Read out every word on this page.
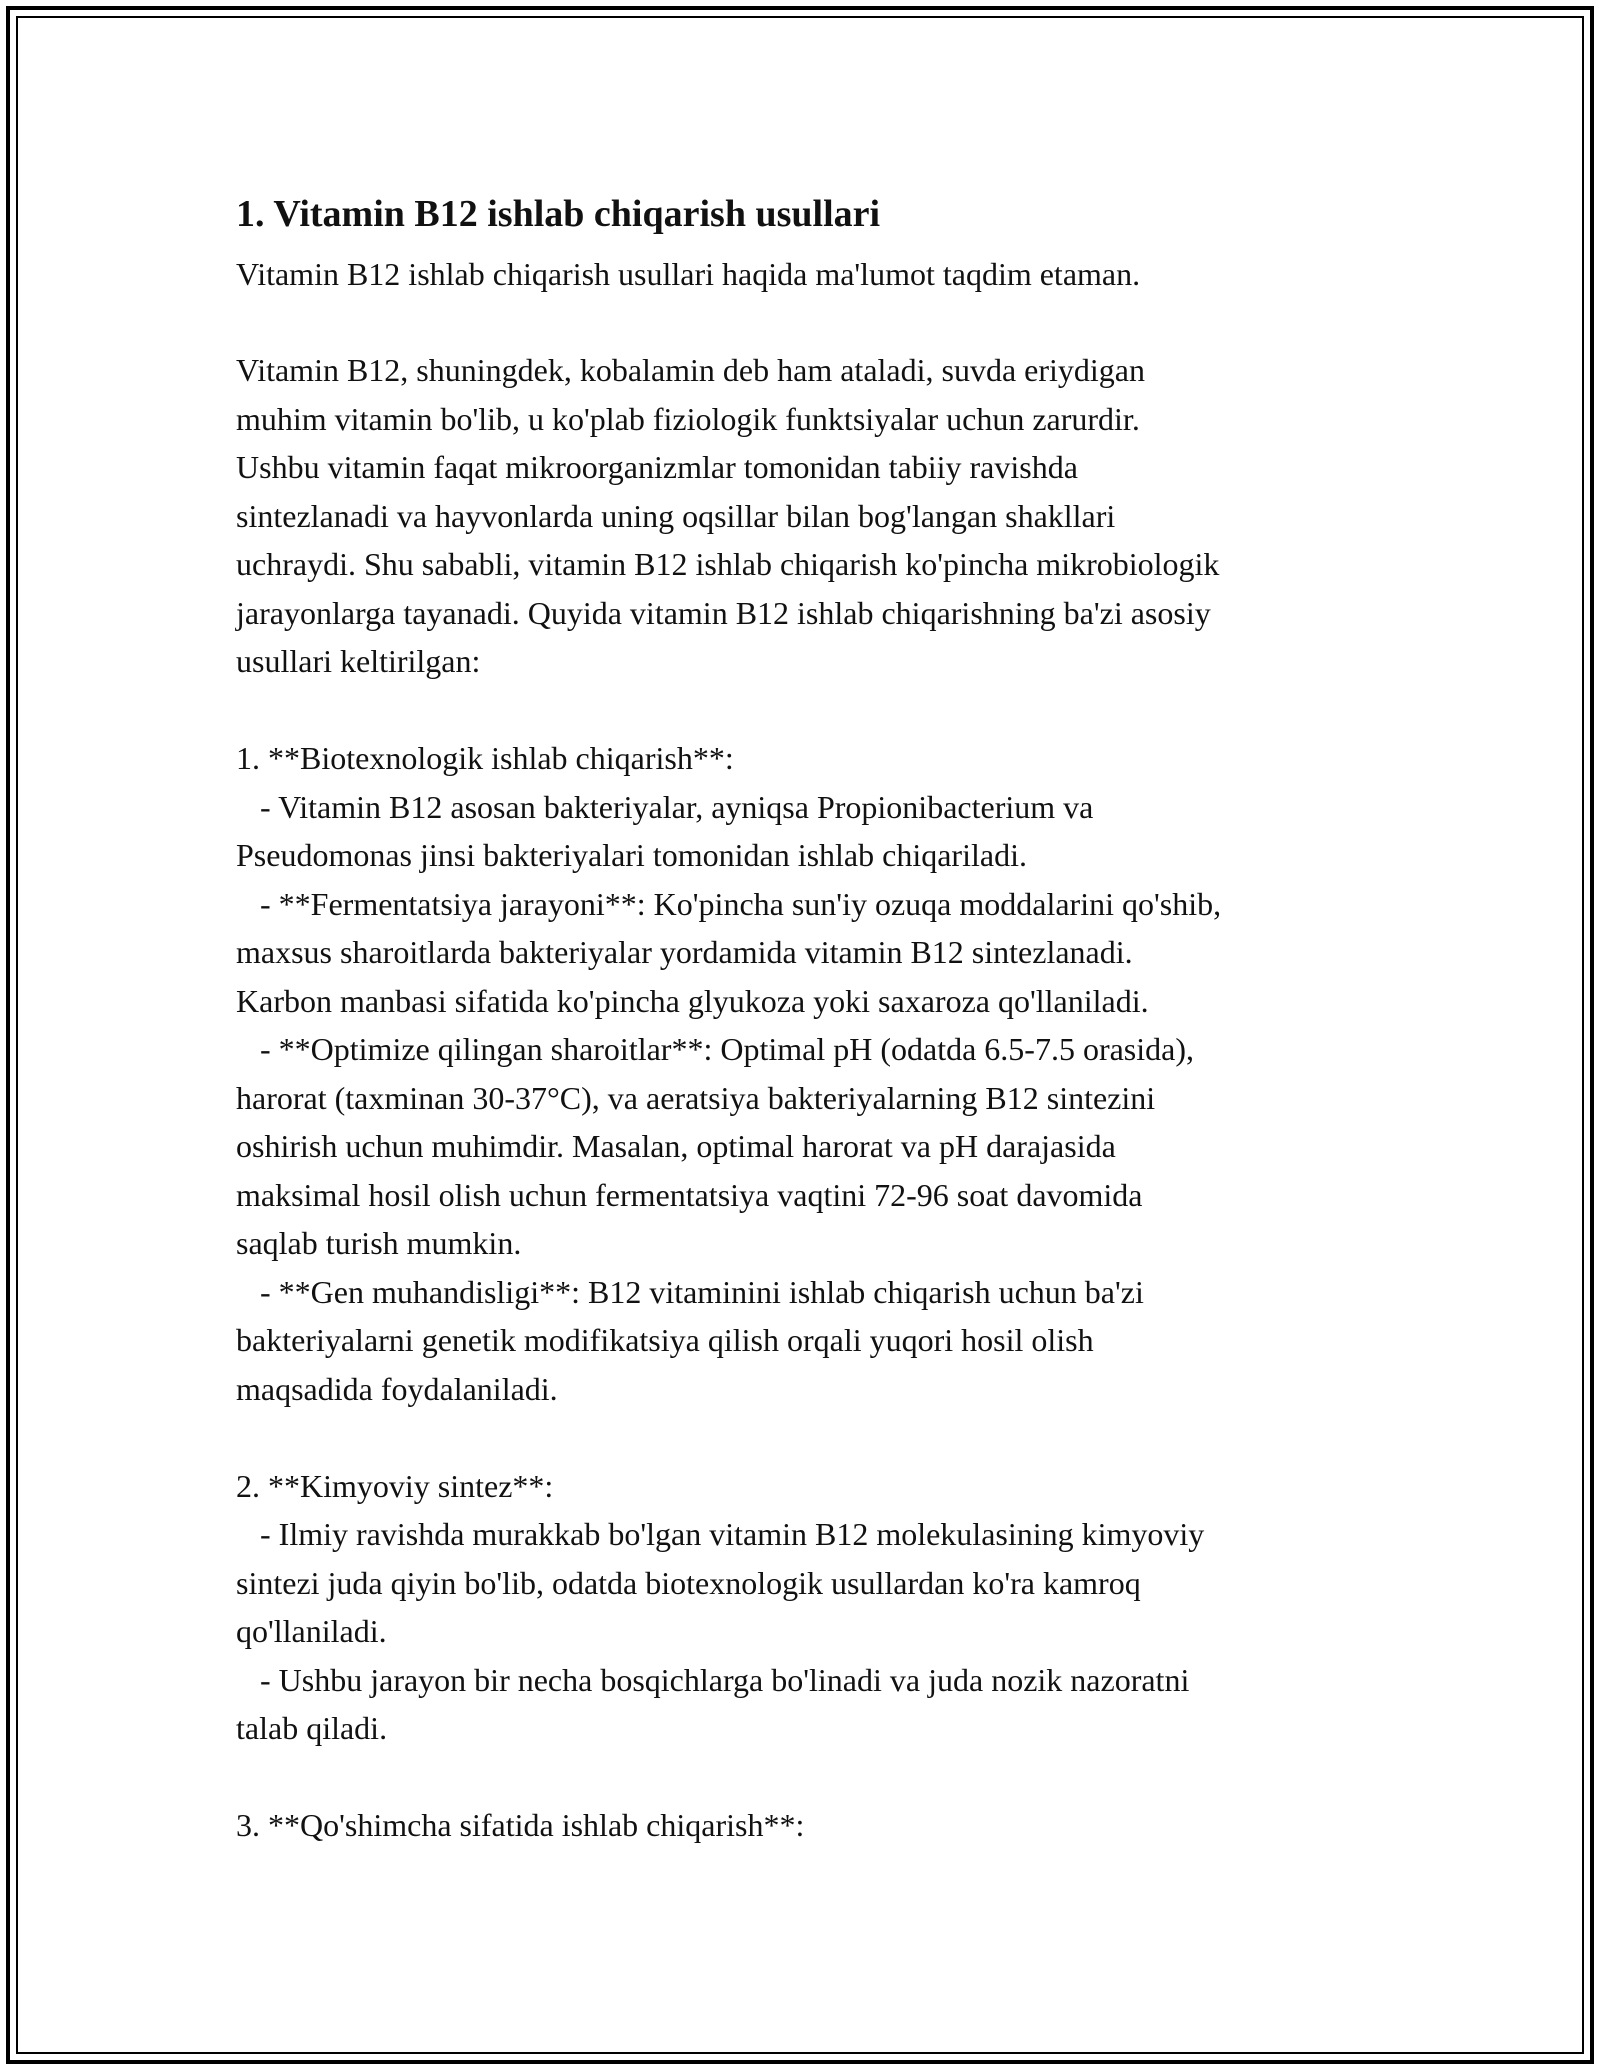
1. Vitamin B12 ishlab chiqarish usullari
Vitamin B12 ishlab chiqarish usullari haqida ma'lumot taqdim etaman.
Vitamin B12, shuningdek, kobalamin deb ham ataladi, suvda eriydigan
muhim vitamin bo'lib, u ko'plab fiziologik funktsiyalar uchun zarurdir.
Ushbu vitamin faqat mikroorganizmlar tomonidan tabiiy ravishda
sintezlanadi va hayvonlarda uning oqsillar bilan bog'langan shakllari
uchraydi. Shu sababli, vitamin B12 ishlab chiqarish ko'pincha mikrobiologik
jarayonlarga tayanadi. Quyida vitamin B12 ishlab chiqarishning ba'zi asosiy
usullari keltirilgan:

1. **Biotexnologik ishlab chiqarish**:
- Vitamin B12 asosan bakteriyalar, ayniqsa Propionibacterium va
Pseudomonas jinsi bakteriyalari tomonidan ishlab chiqariladi.
- **Fermentatsiya jarayoni**: Ko'pincha sun'iy ozuqa moddalarini qo'shib,
maxsus sharoitlarda bakteriyalar yordamida vitamin B12 sintezlanadi.
Karbon manbasi sifatida ko'pincha glyukoza yoki saxaroza qo'llaniladi.
- **Optimize qilingan sharoitlar**: Optimal pH (odatda 6.5-7.5 orasida),
harorat (taxminan 30-37°C), va aeratsiya bakteriyalarning B12 sintezini
oshirish uchun muhimdir. Masalan, optimal harorat va pH darajasida
maksimal hosil olish uchun fermentatsiya vaqtini 72-96 soat davomida
saqlab turish mumkin.
- **Gen muhandisligi**: B12 vitaminini ishlab chiqarish uchun ba'zi
bakteriyalarni genetik modifikatsiya qilish orqali yuqori hosil olish
maqsadida foydalaniladi.

2. **Kimyoviy sintez**:
- Ilmiy ravishda murakkab bo'lgan vitamin B12 molekulasining kimyoviy
sintezi juda qiyin bo'lib, odatda biotexnologik usullardan ko'ra kamroq
qo'llaniladi.
- Ushbu jarayon bir necha bosqichlarga bo'linadi va juda nozik nazoratni
talab qiladi.

3. **Qo'shimcha sifatida ishlab chiqarish**:
